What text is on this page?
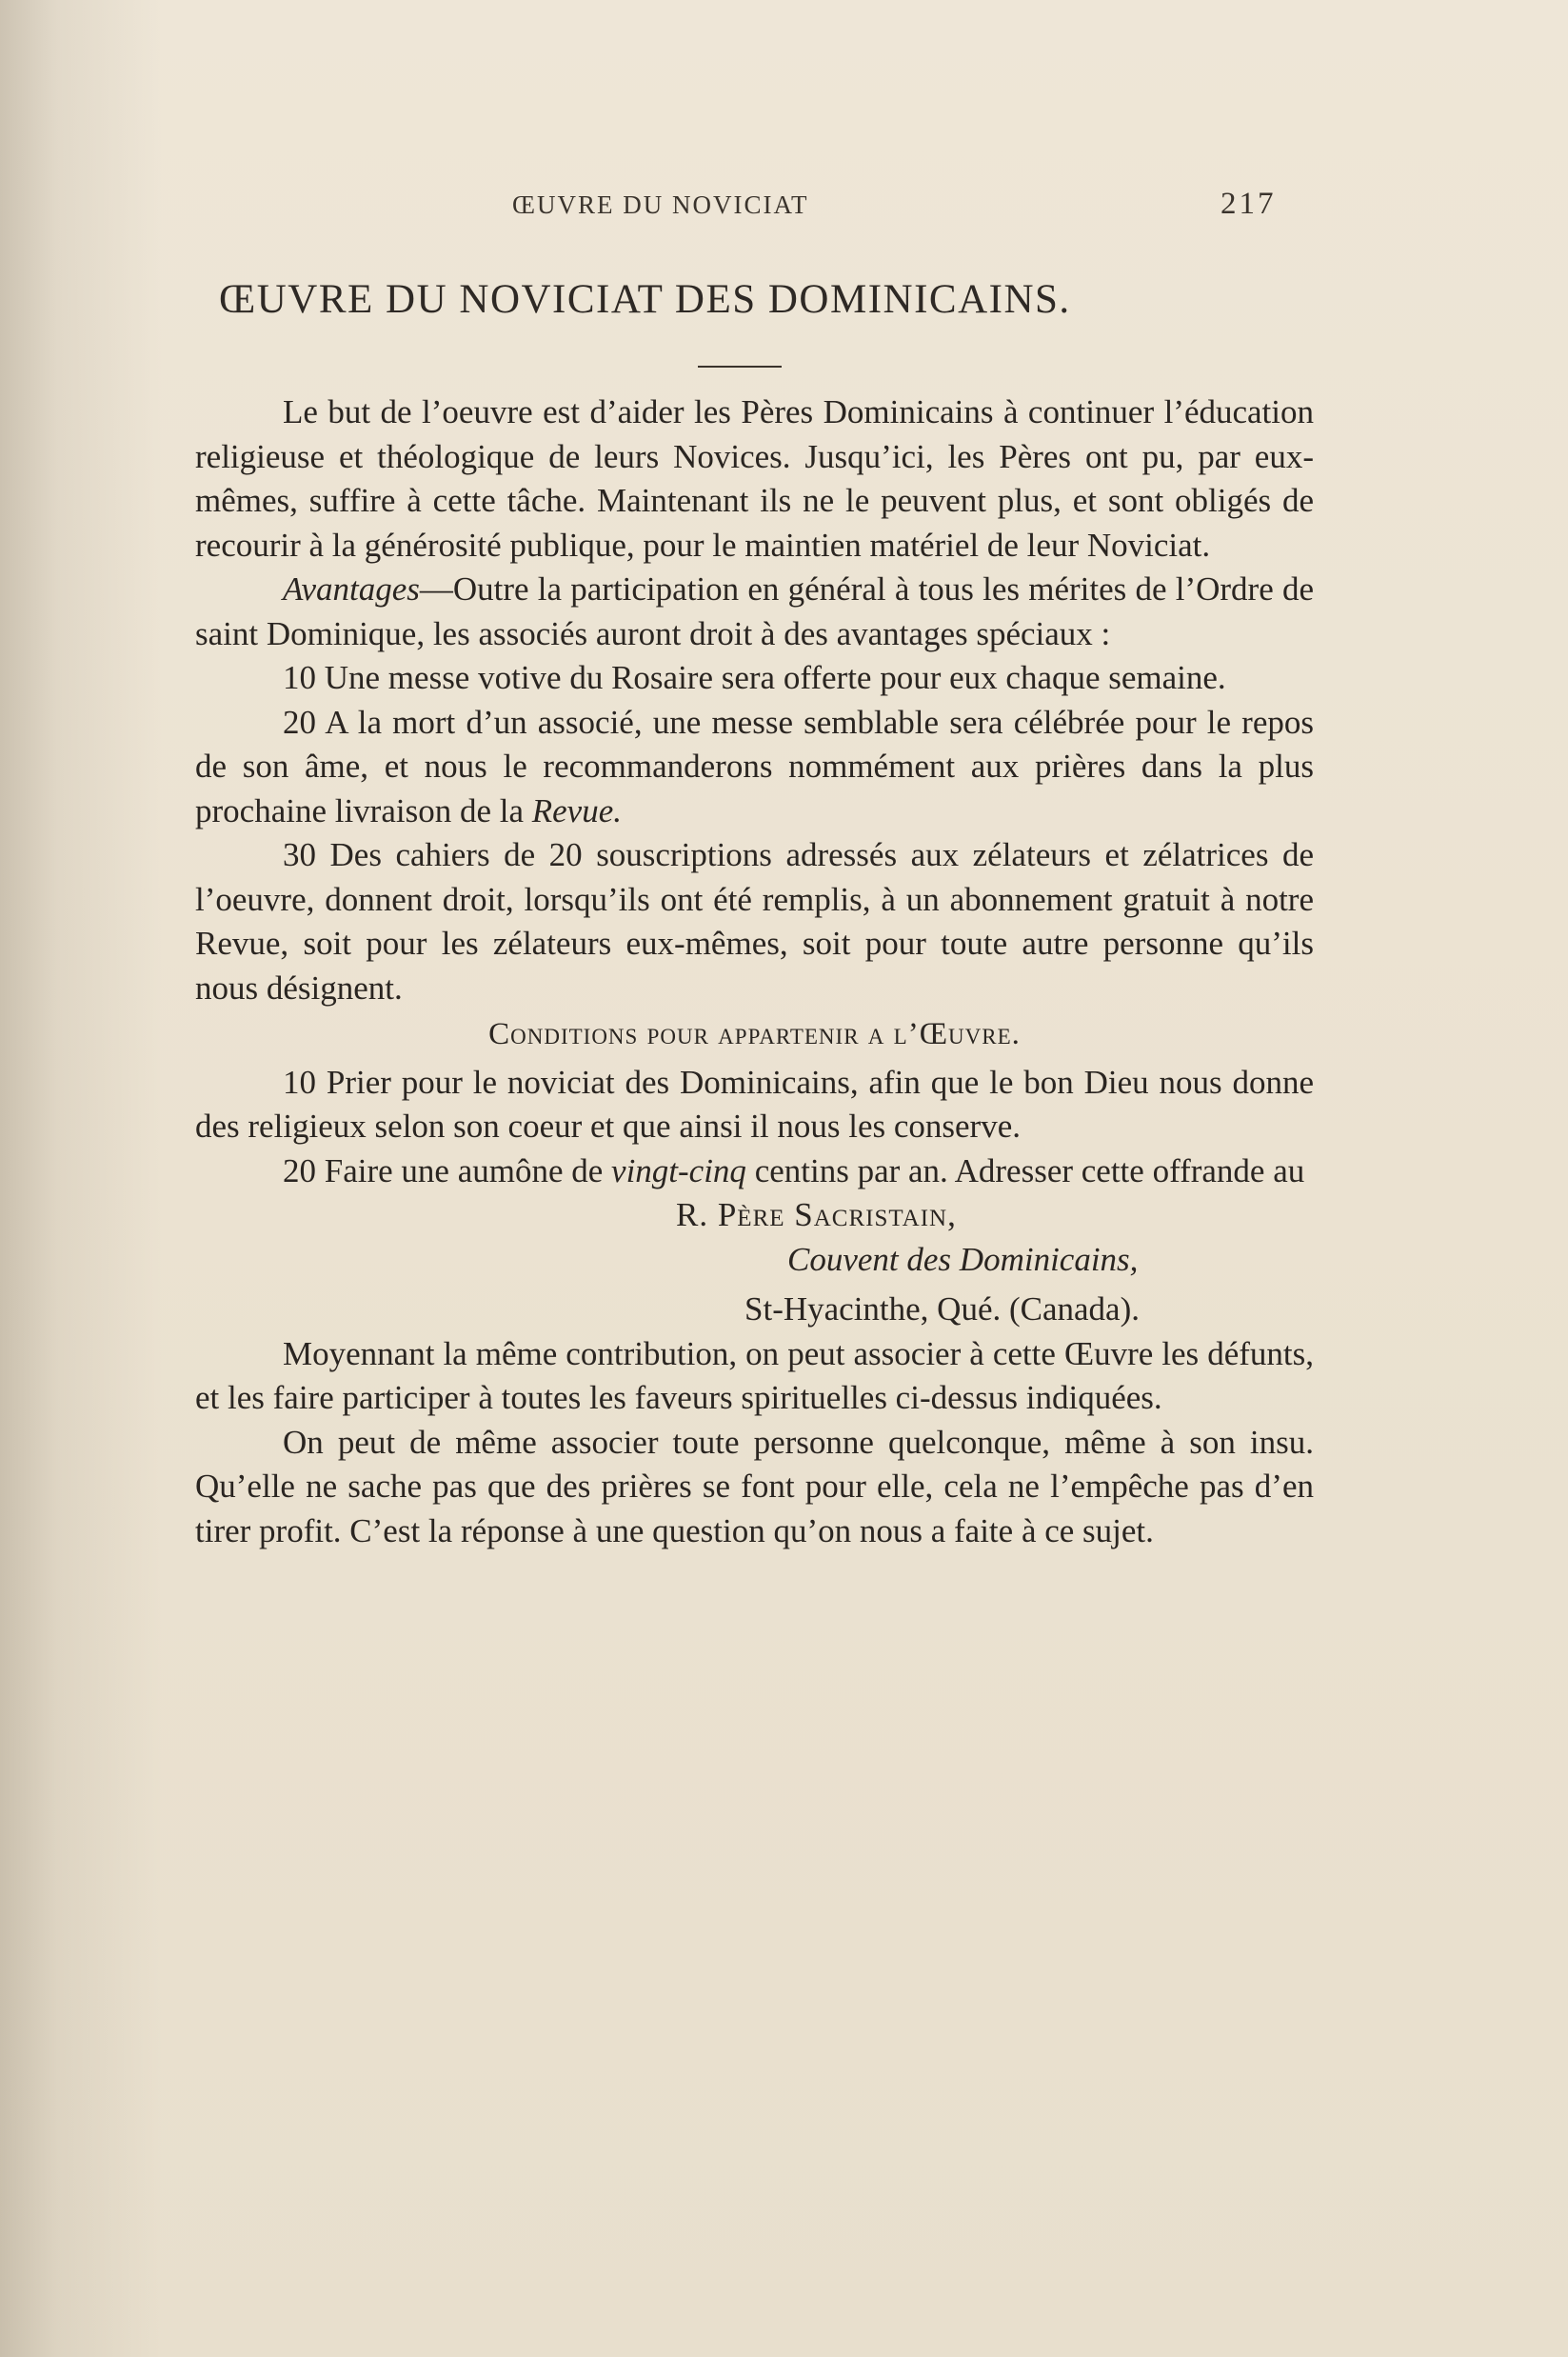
ŒUVRE DU NOVICIAT	217
ŒUVRE DU NOVICIAT DES DOMINICAINS.

Le but de l’oeuvre est d’aider les Pères Dominicains à continuer l’éducation religieuse et théologique de leurs Novices. Jusqu’ici, les Pères ont pu, par eux-mêmes, suffire à cette tâche. Maintenant ils ne le peuvent plus, et sont obligés de recourir à la générosité publique, pour le maintien matériel de leur Noviciat.

Avantages—Outre la participation en général à tous les mérites de l’Ordre de saint Dominique, les associés auront droit à des avantages spéciaux :

10 Une messe votive du Rosaire sera offerte pour eux chaque semaine.

20 A la mort d’un associé, une messe semblable sera célébrée pour le repos de son âme, et nous le recommanderons nommément aux prières dans la plus prochaine livraison de la Revue.

30 Des cahiers de 20 souscriptions adressés aux zélateurs et zélatrices de l’oeuvre, donnent droit, lorsqu’ils ont été remplis, à un abonnement gratuit à notre Revue, soit pour les zélateurs eux-mêmes, soit pour toute autre personne qu’ils nous désignent.

Conditions pour appartenir a l’Œuvre.

10 Prier pour le noviciat des Dominicains, afin que le bon Dieu nous donne des religieux selon son coeur et que ainsi il nous les conserve.

20 Faire une aumône de vingt-cinq centins par an. Adresser cette offrande au

R. Père Sacristain,
Couvent des Dominicains,
St-Hyacinthe, Qué. (Canada).

Moyennant la même contribution, on peut associer à cette Œuvre les défunts, et les faire participer à toutes les faveurs spirituelles ci-dessus indiquées.

On peut de même associer toute personne quelconque, même à son insu. Qu’elle ne sache pas que des prières se font pour elle, cela ne l’empêche pas d’en tirer profit. C’est la réponse à une question qu’on nous a faite à ce sujet.
